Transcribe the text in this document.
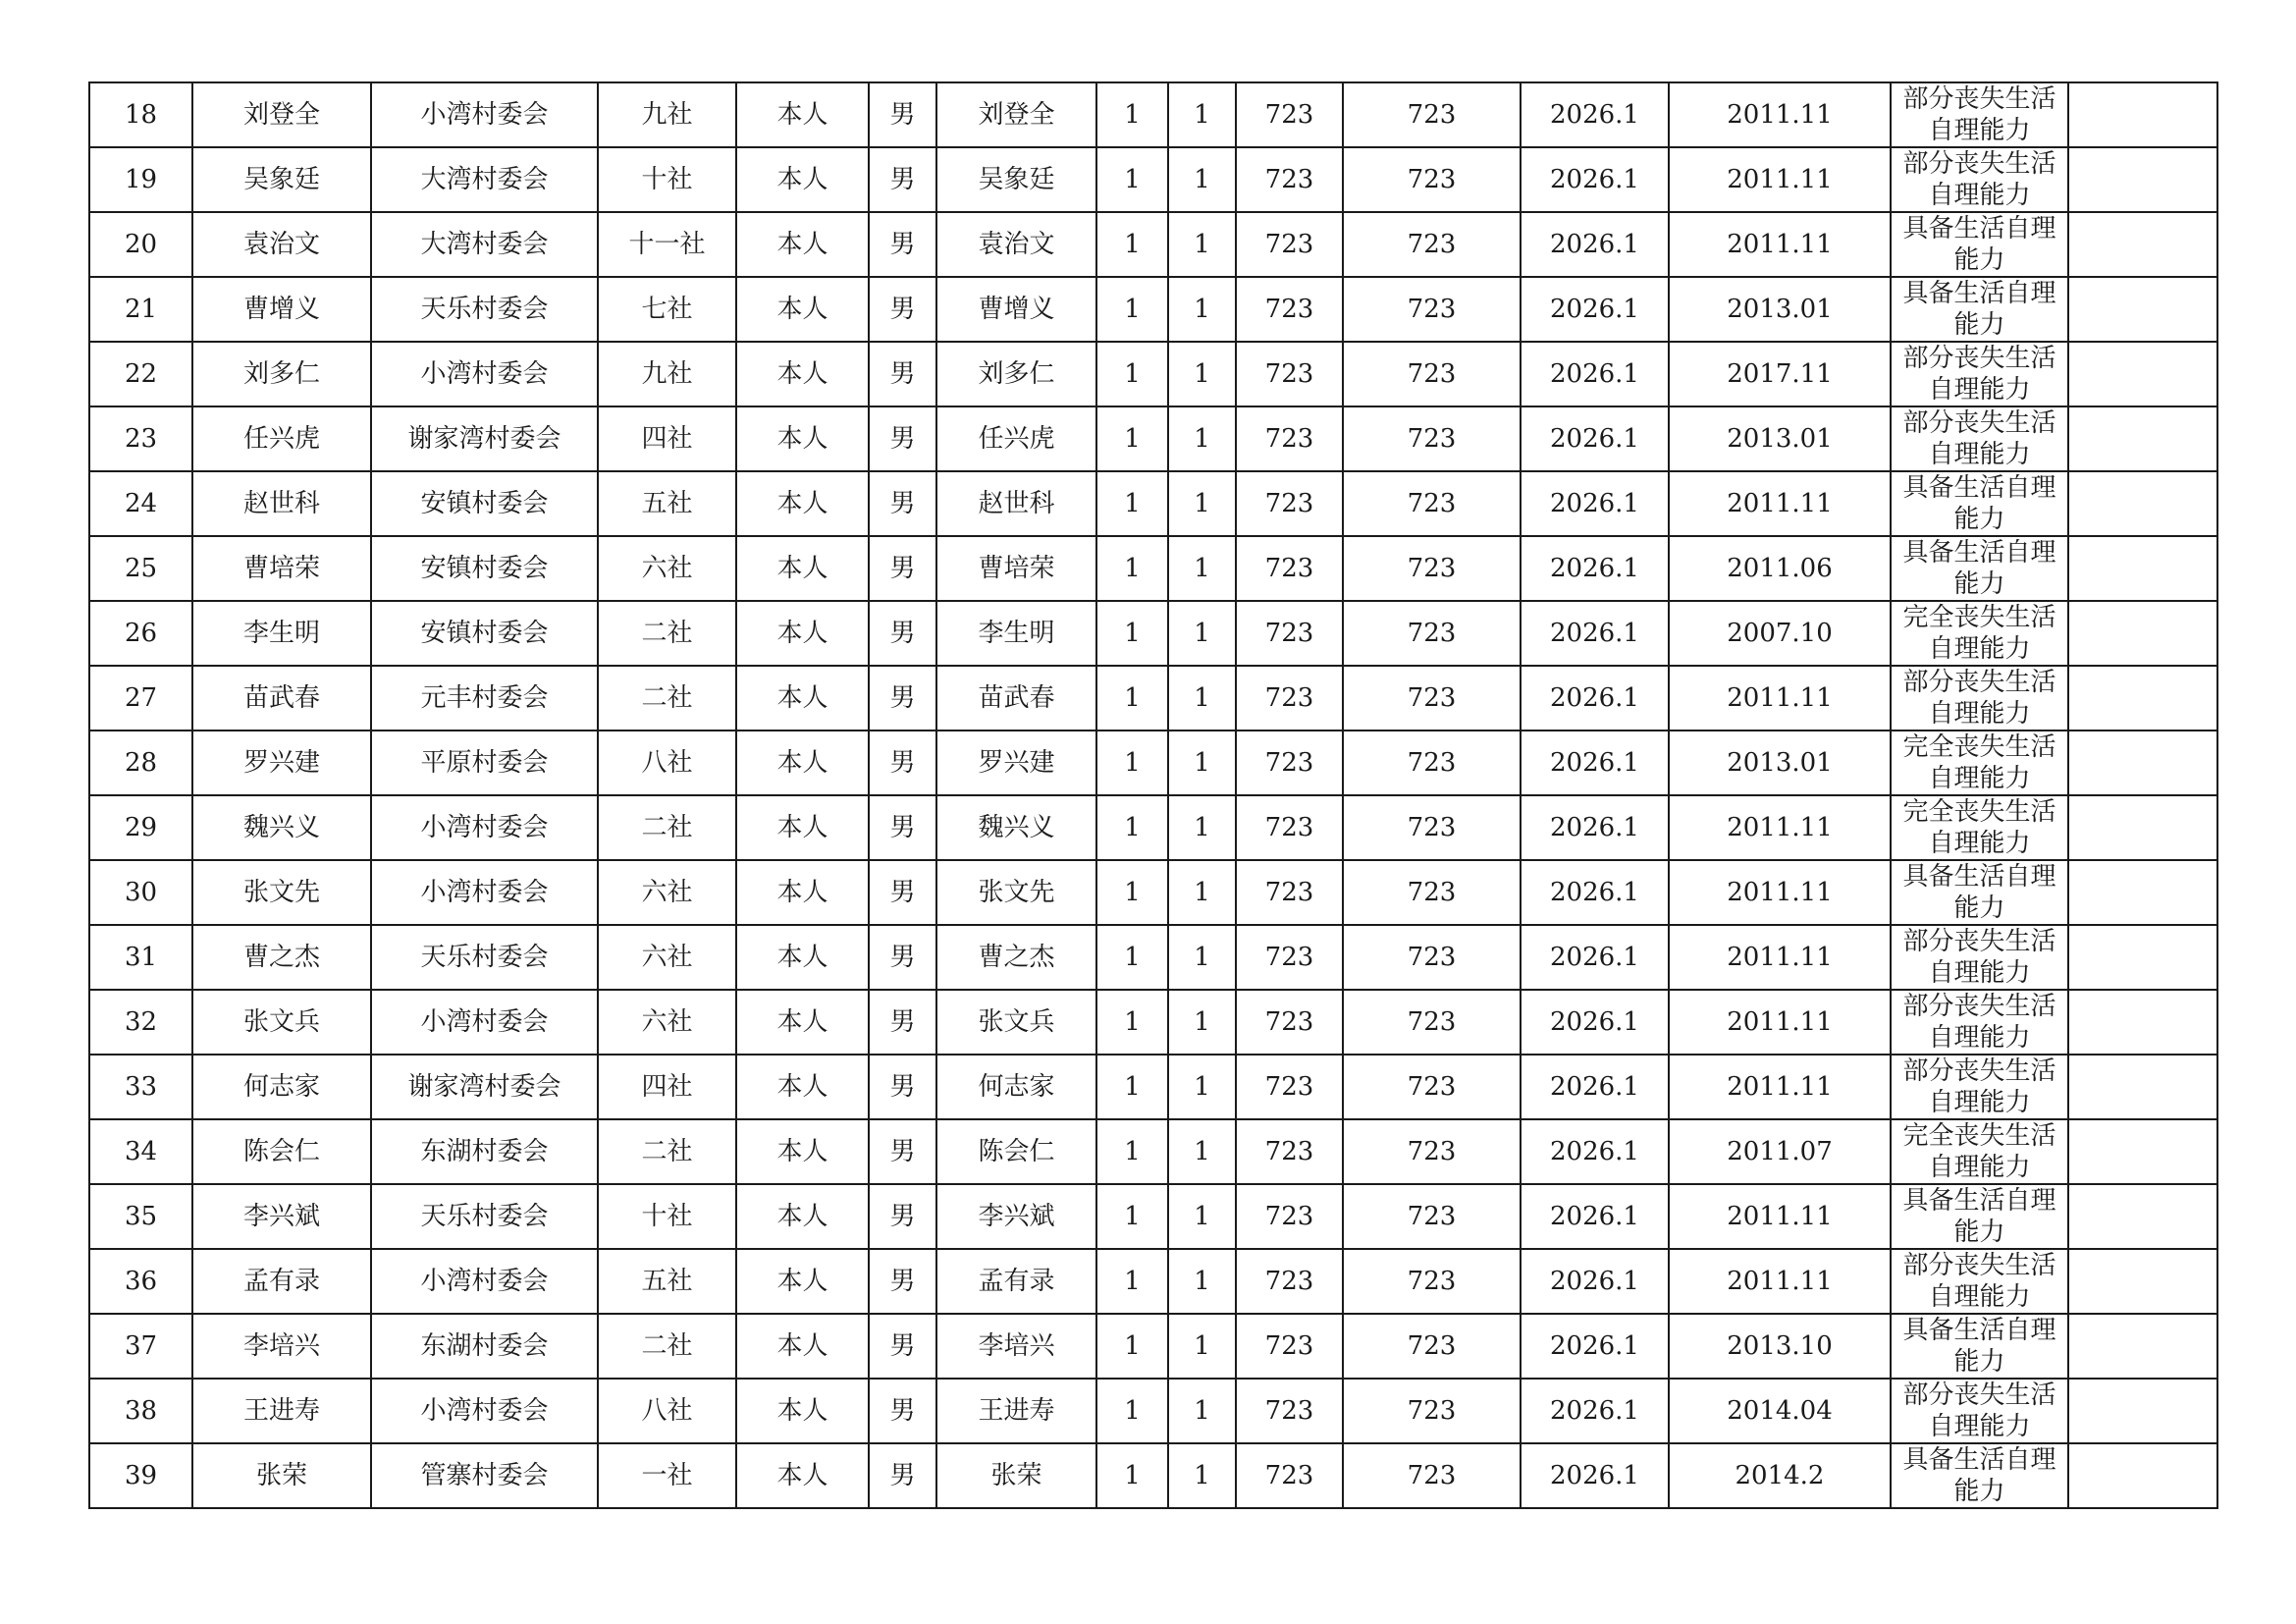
18	刘登全	小湾村委会	九社	本人	男	刘登全	1	1	723	723	2026.1	2011.11	部分丧失生活
自理能力	

19	吴象廷	大湾村委会	十社	本人	男	吴象廷	1	1	723	723	2026.1	2011.11	部分丧失生活
自理能力	

20	袁治文	大湾村委会	十一社	本人	男	袁治文	1	1	723	723	2026.1	2011.11	具备生活自理
能力	

21	曹增义	天乐村委会	七社	本人	男	曹增义	1	1	723	723	2026.1	2013.01	具备生活自理
能力	

22	刘多仁	小湾村委会	九社	本人	男	刘多仁	1	1	723	723	2026.1	2017.11	部分丧失生活
自理能力	

23	任兴虎	谢家湾村委会	四社	本人	男	任兴虎	1	1	723	723	2026.1	2013.01	部分丧失生活
自理能力	

24	赵世科	安镇村委会	五社	本人	男	赵世科	1	1	723	723	2026.1	2011.11	具备生活自理
能力	

25	曹培荣	安镇村委会	六社	本人	男	曹培荣	1	1	723	723	2026.1	2011.06	具备生活自理
能力	

26	李生明	安镇村委会	二社	本人	男	李生明	1	1	723	723	2026.1	2007.10	完全丧失生活
自理能力	

27	苗武春	元丰村委会	二社	本人	男	苗武春	1	1	723	723	2026.1	2011.11	部分丧失生活
自理能力	

28	罗兴建	平原村委会	八社	本人	男	罗兴建	1	1	723	723	2026.1	2013.01	完全丧失生活
自理能力	

29	魏兴义	小湾村委会	二社	本人	男	魏兴义	1	1	723	723	2026.1	2011.11	完全丧失生活
自理能力	

30	张文先	小湾村委会	六社	本人	男	张文先	1	1	723	723	2026.1	2011.11	具备生活自理
能力	

31	曹之杰	天乐村委会	六社	本人	男	曹之杰	1	1	723	723	2026.1	2011.11	部分丧失生活
自理能力	

32	张文兵	小湾村委会	六社	本人	男	张文兵	1	1	723	723	2026.1	2011.11	部分丧失生活
自理能力	

33	何志家	谢家湾村委会	四社	本人	男	何志家	1	1	723	723	2026.1	2011.11	部分丧失生活
自理能力	

34	陈会仁	东湖村委会	二社	本人	男	陈会仁	1	1	723	723	2026.1	2011.07	完全丧失生活
自理能力	

35	李兴斌	天乐村委会	十社	本人	男	李兴斌	1	1	723	723	2026.1	2011.11	具备生活自理
能力	

36	孟有录	小湾村委会	五社	本人	男	孟有录	1	1	723	723	2026.1	2011.11	部分丧失生活
自理能力	

37	李培兴	东湖村委会	二社	本人	男	李培兴	1	1	723	723	2026.1	2013.10	具备生活自理
能力	

38	王进寿	小湾村委会	八社	本人	男	王进寿	1	1	723	723	2026.1	2014.04	部分丧失生活
自理能力	

39	张荣	管寨村委会	一社	本人	男	张荣	1	1	723	723	2026.1	2014.2	具备生活自理
能力	
